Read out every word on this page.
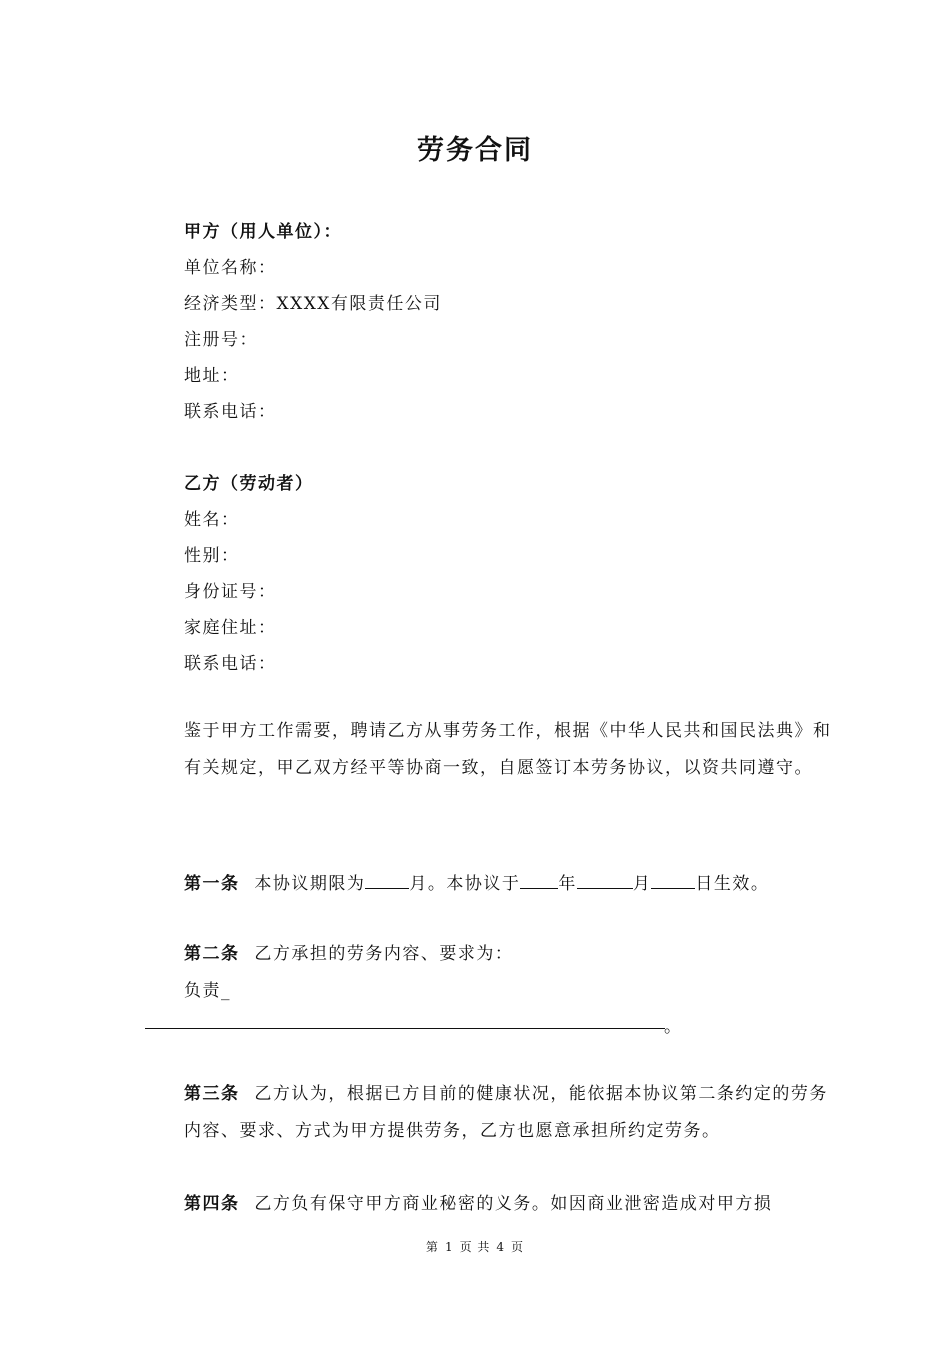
劳务合同
甲方（用人单位）：
单位名称：
经济类型：XXXX有限责任公司
注册号：
地址：
联系电话：
乙方（劳动者）
姓名：
性别：
身份证号：
家庭住址：
联系电话：
鉴于甲方工作需要，聘请乙方从事劳务工作，根据《中华人民共和国民法典》和有关规定，甲乙双方经平等协商一致，自愿签订本劳务协议，以资共同遵守。
第一条 本协议期限为	月。本协议于 年	月	日生效。
第二条 乙方承担的劳务内容、要求为：
负责_
。
第三条 乙方认为，根据已方目前的健康状况，能依据本协议第二条约定的劳务内容、要求、方式为甲方提供劳务，乙方也愿意承担所约定劳务。
第四条 乙方负有保守甲方商业秘密的义务。如因商业泄密造成对甲方损
第 1 页 共 4 页
